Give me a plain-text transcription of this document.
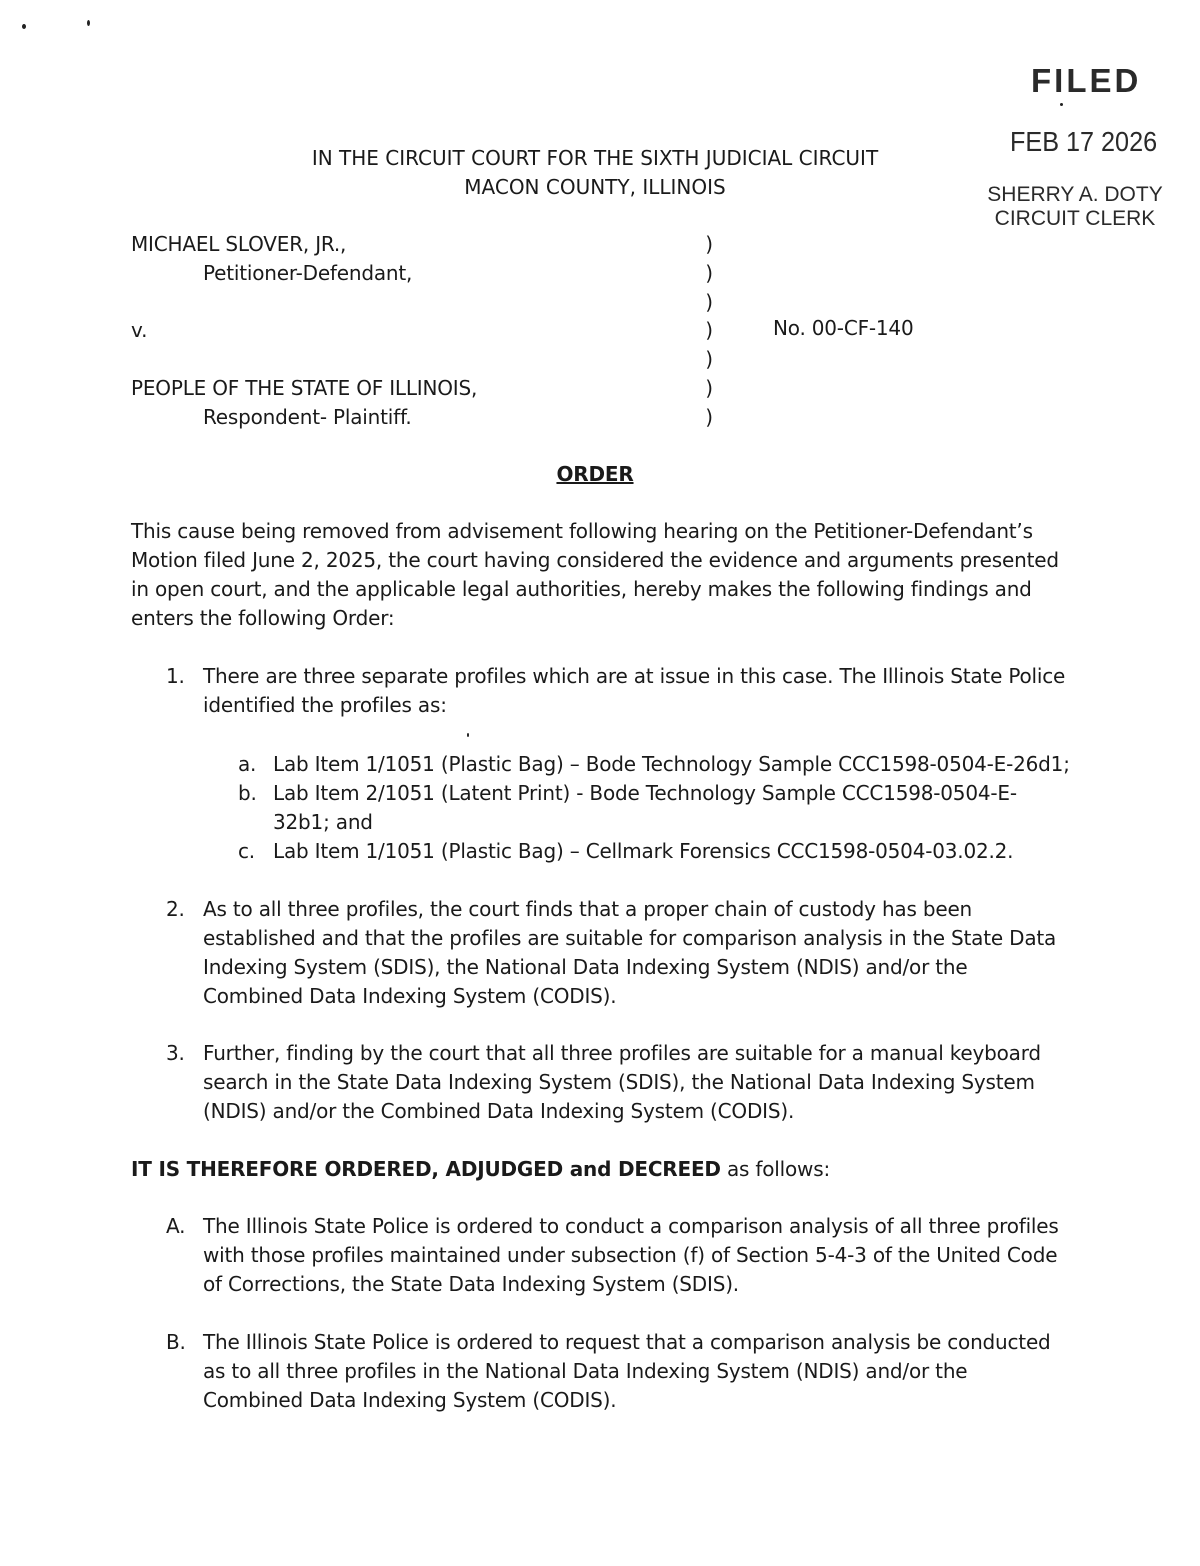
FILED
FEB 17 2026
SHERRY A. DOTY
CIRCUIT CLERK
IN THE CIRCUIT COURT FOR THE SIXTH JUDICIAL CIRCUIT
MACON COUNTY, ILLINOIS
MICHAEL SLOVER, JR.,
Petitioner-Defendant,
v.
PEOPLE OF THE STATE OF ILLINOIS,
Respondent- Plaintiff.
)
)
)
)
)
)
)
No. 00-CF-140
ORDER
This cause being removed from advisement following hearing on the Petitioner-Defendant’s Motion filed June 2, 2025, the court having considered the evidence and arguments presented in open court, and the applicable legal authorities, hereby makes the following findings and enters the following Order:
1. There are three separate profiles which are at issue in this case. The Illinois State Police identified the profiles as:
a. Lab Item 1/1051 (Plastic Bag) – Bode Technology Sample CCC1598-0504-E-26d1;
b. Lab Item 2/1051 (Latent Print) - Bode Technology Sample CCC1598-0504-E-32b1; and
c. Lab Item 1/1051 (Plastic Bag) – Cellmark Forensics CCC1598-0504-03.02.2.
2. As to all three profiles, the court finds that a proper chain of custody has been established and that the profiles are suitable for comparison analysis in the State Data Indexing System (SDIS), the National Data Indexing System (NDIS) and/or the Combined Data Indexing System (CODIS).
3. Further, finding by the court that all three profiles are suitable for a manual keyboard search in the State Data Indexing System (SDIS), the National Data Indexing System (NDIS) and/or the Combined Data Indexing System (CODIS).
IT IS THEREFORE ORDERED, ADJUDGED and DECREED as follows:
A. The Illinois State Police is ordered to conduct a comparison analysis of all three profiles with those profiles maintained under subsection (f) of Section 5-4-3 of the United Code of Corrections, the State Data Indexing System (SDIS).
B. The Illinois State Police is ordered to request that a comparison analysis be conducted as to all three profiles in the National Data Indexing System (NDIS) and/or the Combined Data Indexing System (CODIS).
